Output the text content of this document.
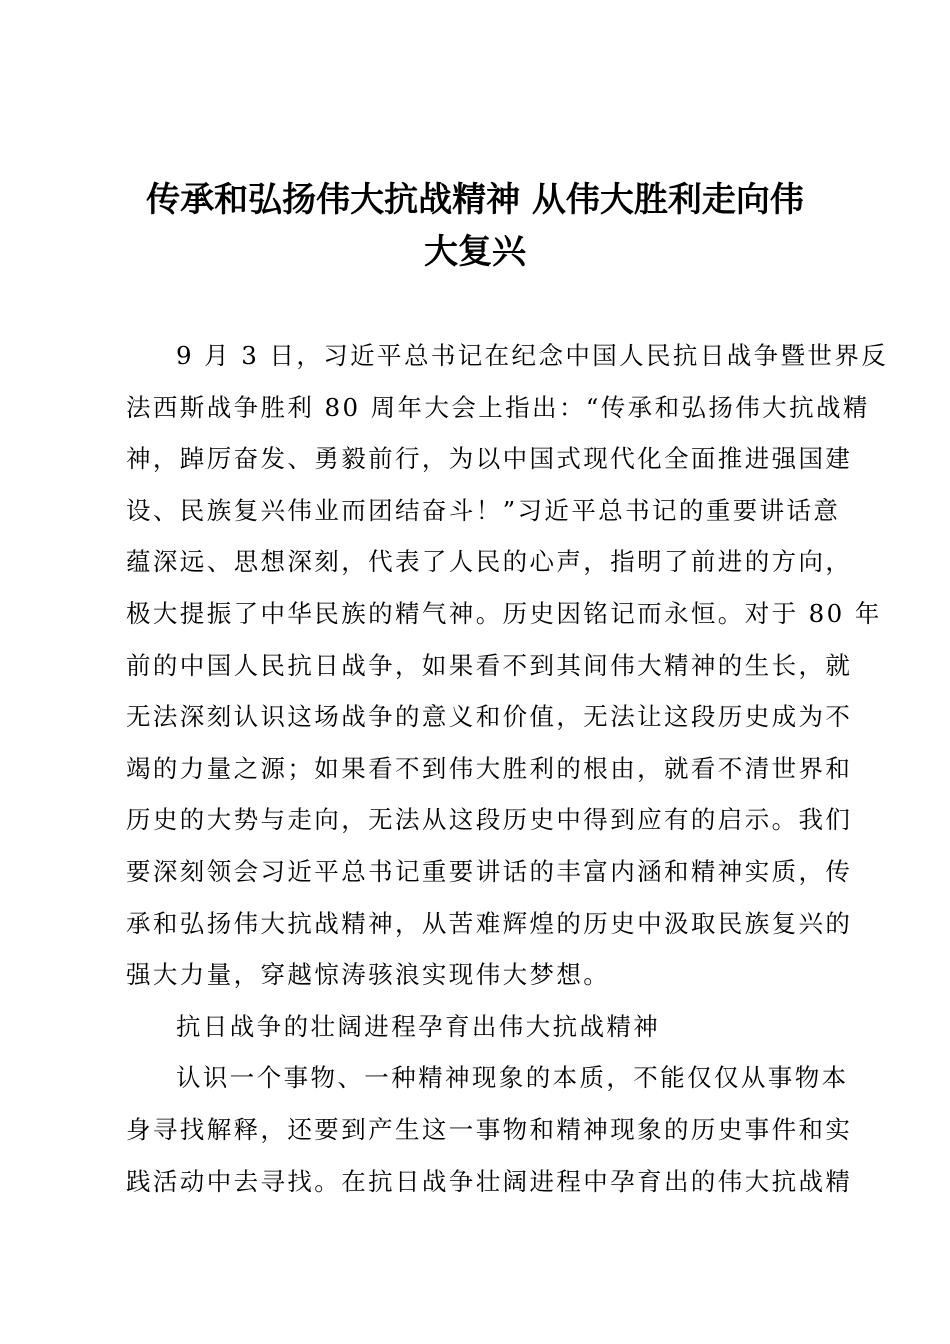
传承和弘扬伟大抗战精神 从伟大胜利走向伟
大复兴
9 月 3 日，习近平总书记在纪念中国人民抗日战争暨世界反
法西斯战争胜利 80 周年大会上指出：“传承和弘扬伟大抗战精
神，踔厉奋发、勇毅前行，为以中国式现代化全面推进强国建
设、民族复兴伟业而团结奋斗！”习近平总书记的重要讲话意
蕴深远、思想深刻，代表了人民的心声，指明了前进的方向，
极大提振了中华民族的精气神。历史因铭记而永恒。对于 80 年
前的中国人民抗日战争，如果看不到其间伟大精神的生长，就
无法深刻认识这场战争的意义和价值，无法让这段历史成为不
竭的力量之源；如果看不到伟大胜利的根由，就看不清世界和
历史的大势与走向，无法从这段历史中得到应有的启示。我们
要深刻领会习近平总书记重要讲话的丰富内涵和精神实质，传
承和弘扬伟大抗战精神，从苦难辉煌的历史中汲取民族复兴的
强大力量，穿越惊涛骇浪实现伟大梦想。
抗日战争的壮阔进程孕育出伟大抗战精神
认识一个事物、一种精神现象的本质，不能仅仅从事物本
身寻找解释，还要到产生这一事物和精神现象的历史事件和实
践活动中去寻找。在抗日战争壮阔进程中孕育出的伟大抗战精
